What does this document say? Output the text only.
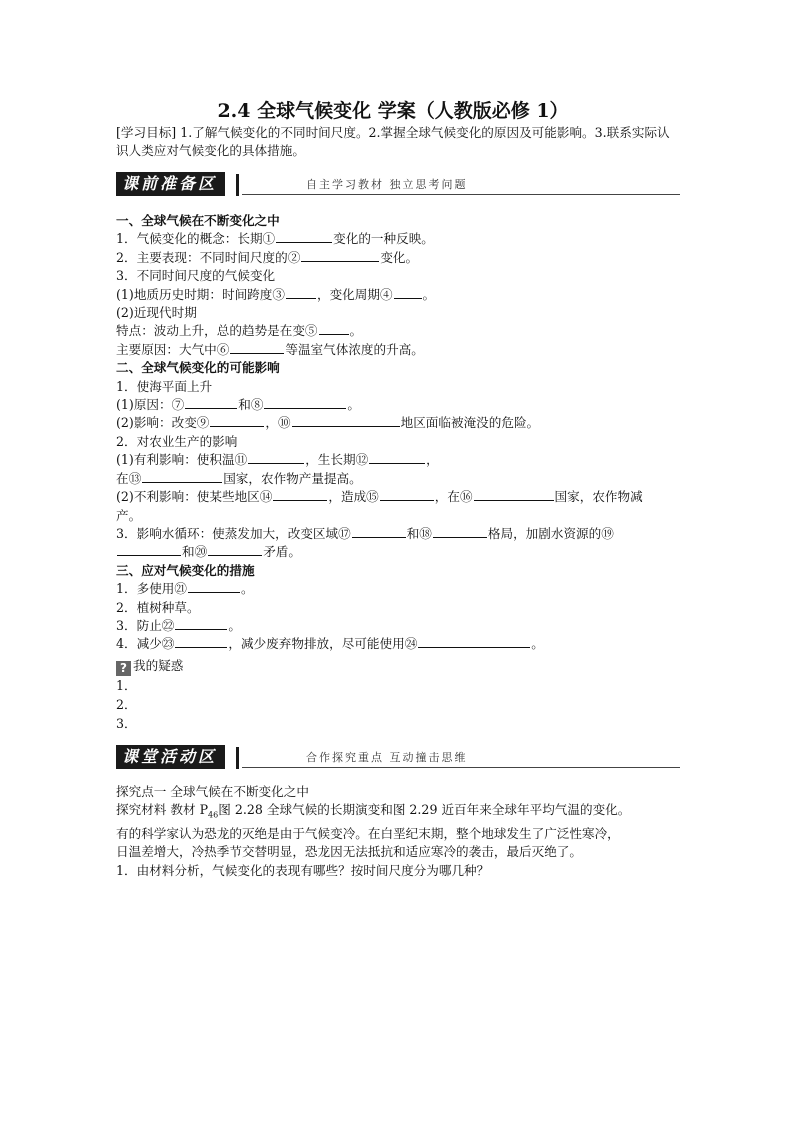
2.4 全球气候变化 学案（人教版必修 1）
[学习目标] 1.了解气候变化的不同时间尺度。2.掌握全球气候变化的原因及可能影响。3.联系实际认识人类应对气候变化的具体措施。
课前准备区	自主学习教材 独立思考问题
一、全球气候在不断变化之中
1．气候变化的概念：长期①	变化的一种反映。
2．主要表现：不同时间尺度的②	变化。
3．不同时间尺度的气候变化
(1)地质历史时期：时间跨度③	，变化周期④ 。
(2)近现代时期
特点：波动上升，总的趋势是在变⑤	。
主要原因：大气中⑥	等温室气体浓度的升高。
二、全球气候变化的可能影响
1．使海平面上升
(1)原因：⑦	和⑧	。
(2)影响：改变⑨	，⑩	地区面临被淹没的危险。
2．对农业生产的影响
(1)有利影响：使积温⑪	，生长期⑫	，
在⑬	国家，农作物产量提高。
(2)不利影响：使某些地区⑭	，造成⑮	，在⑯	国家，农作物减
产。
3．影响水循环：使蒸发加大，改变区域⑰	和⑱	格局，加剧水资源的⑲
和⑳	矛盾。
三、应对气候变化的措施
1．多使用㉑	。
2．植树种草。
3．防止㉒	。
4．减少㉓	，减少废弃物排放，尽可能使用㉔	。
? 我的疑惑
1．
2．
3．
课堂活动区	合作探究重点 互动撞击思维
探究点一 全球气候在不断变化之中
探究材料 教材 $P_{46}$图 2.28 全球气候的长期演变和图 2.29 近百年来全球年平均气温的变化。
有的科学家认为恐龙的灭绝是由于气候变冷。在白垩纪末期，整个地球发生了广泛性寒冷，
日温差增大，冷热季节交替明显，恐龙因无法抵抗和适应寒冷的袭击，最后灭绝了。
1．由材料分析，气候变化的表现有哪些？按时间尺度分为哪几种？
